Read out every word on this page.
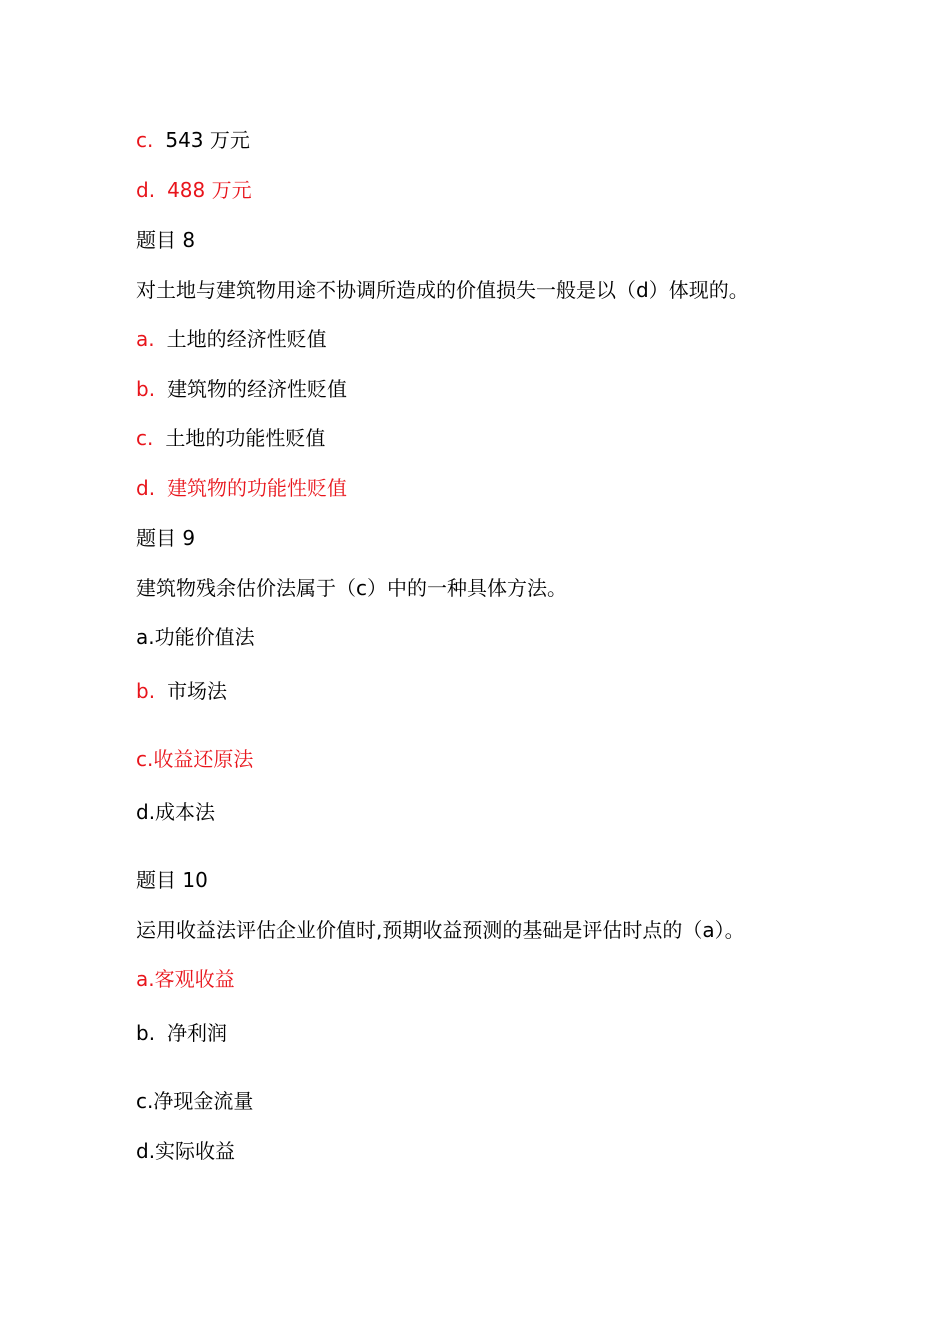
c. 543 万元

d. 488 万元

题目 8

对土地与建筑物用途不协调所造成的价值损失一般是以（d）体现的。

a. 土地的经济性贬值

b. 建筑物的经济性贬值

c. 土地的功能性贬值

d. 建筑物的功能性贬值

题目 9

建筑物残余估价法属于（c）中的一种具体方法。

a.功能价值法

b. 市场法

c.收益还原法

d.成本法

题目 10

运用收益法评估企业价值时,预期收益预测的基础是评估时点的（a）。

a.客观收益

b. 净利润

c.净现金流量

d.实际收益
